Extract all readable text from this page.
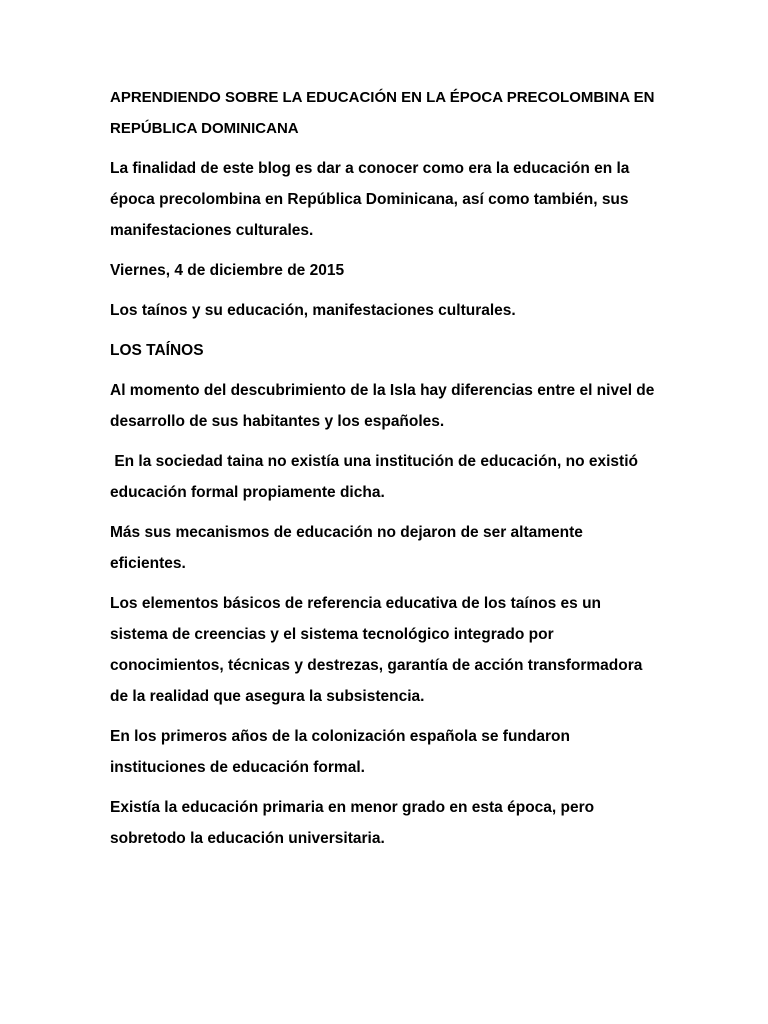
APRENDIENDO SOBRE LA EDUCACIÓN EN LA ÉPOCA PRECOLOMBINA EN REPÚBLICA DOMINICANA

La finalidad de este blog es dar a conocer como era la educación en la época precolombina en República Dominicana, así como también, sus manifestaciones culturales.

Viernes, 4 de diciembre de 2015

Los taínos y su educación, manifestaciones culturales.

LOS TAÍNOS

Al momento del descubrimiento de la Isla hay diferencias entre el nivel de desarrollo de sus habitantes y los españoles.

En la sociedad taina no existía una institución de educación, no existió educación formal propiamente dicha.

Más sus mecanismos de educación no dejaron de ser altamente eficientes.

Los elementos básicos de referencia educativa de los taínos es un sistema de creencias y el sistema tecnológico integrado por conocimientos, técnicas y destrezas, garantía de acción transformadora de la realidad que asegura la subsistencia.

En los primeros años de la colonización española se fundaron instituciones de educación formal.

Existía la educación primaria en menor grado en esta época, pero sobretodo la educación universitaria.
